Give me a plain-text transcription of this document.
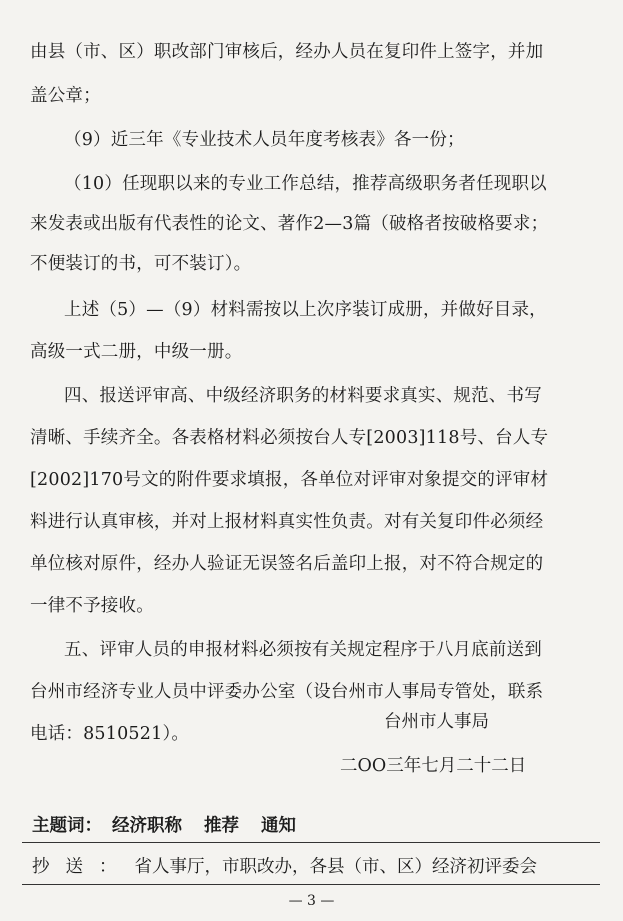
由县（市、区）职改部门审核后，经办人员在复印件上签字，并加
盖公章；
（9）近三年《专业技术人员年度考核表》各一份；
（10）任现职以来的专业工作总结，推荐高级职务者任现职以
来发表或出版有代表性的论文、著作2—3篇（破格者按破格要求；
不便装订的书，可不装订）。
上述（5）—（9）材料需按以上次序装订成册，并做好目录，
高级一式二册，中级一册。
四、报送评审高、中级经济职务的材料要求真实、规范、书写
清晰、手续齐全。各表格材料必须按台人专[2003]118号、台人专
[2002]170号文的附件要求填报，各单位对评审对象提交的评审材
料进行认真审核，并对上报材料真实性负责。对有关复印件必须经
单位核对原件，经办人验证无误签名后盖印上报，对不符合规定的
一律不予接收。
五、评审人员的申报材料必须按有关规定程序于八月底前送到
台州市经济专业人员中评委办公室（设台州市人事局专管处，联系
电话：8510521）。
台州市人事局
二OO三年七月二十二日
主题词： 经济职称 推荐 通知
抄送： 省人事厅，市职改办，各县（市、区）经济初评委会
— 3 —
